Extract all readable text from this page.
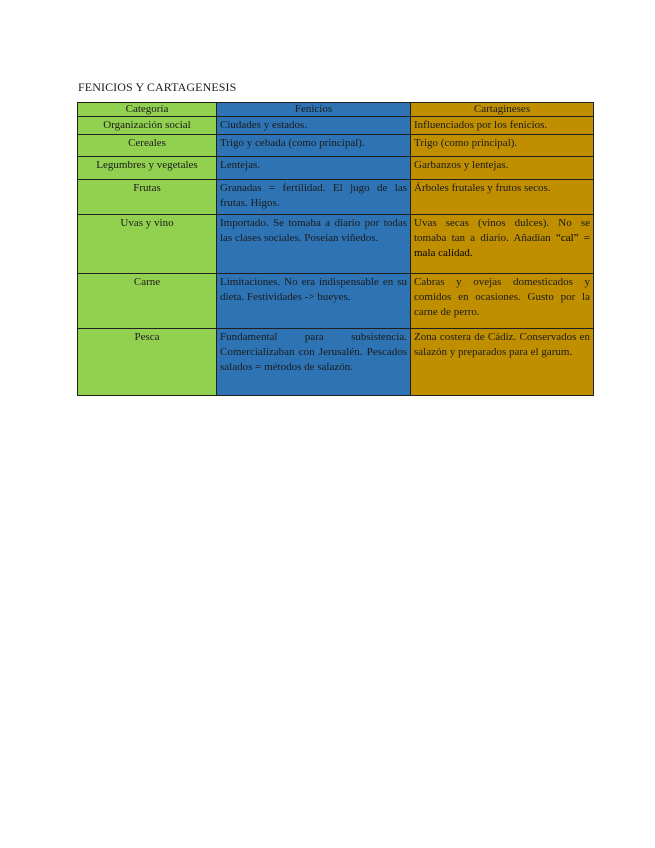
FENICIOS Y CARTAGENESIS
Categoría	Fenicios	Cartagineses
Organización social	Ciudades y estados.	Influenciados por los fenicios.
Cereales	Trigo y cebada (como principal).	Trigo (como principal).
Legumbres y vegetales	Lentejas.	Garbanzos y lentejas.
Frutas	Granadas = fertilidad. El jugo de las frutas. Higos.	Árboles frutales y frutos secos.
Uvas y vino	Importado. Se tomaba a diario por todas las clases sociales. Poseían viñedos.	Uvas secas (vinos dulces). No se tomaba tan a diario. Añadían “cal” = mala calidad.
Carne	Limitaciones. No era indispensable en su dieta. Festividades -> bueyes.	Cabras y ovejas domesticados y comidos en ocasiones. Gusto por la carne de perro.
Pesca	Fundamental para subsistencia. Comercializaban con Jerusalén. Pescados salados = métodos de salazón.	Zona costera de Cádiz. Conservados en salazón y preparados para el garum.
